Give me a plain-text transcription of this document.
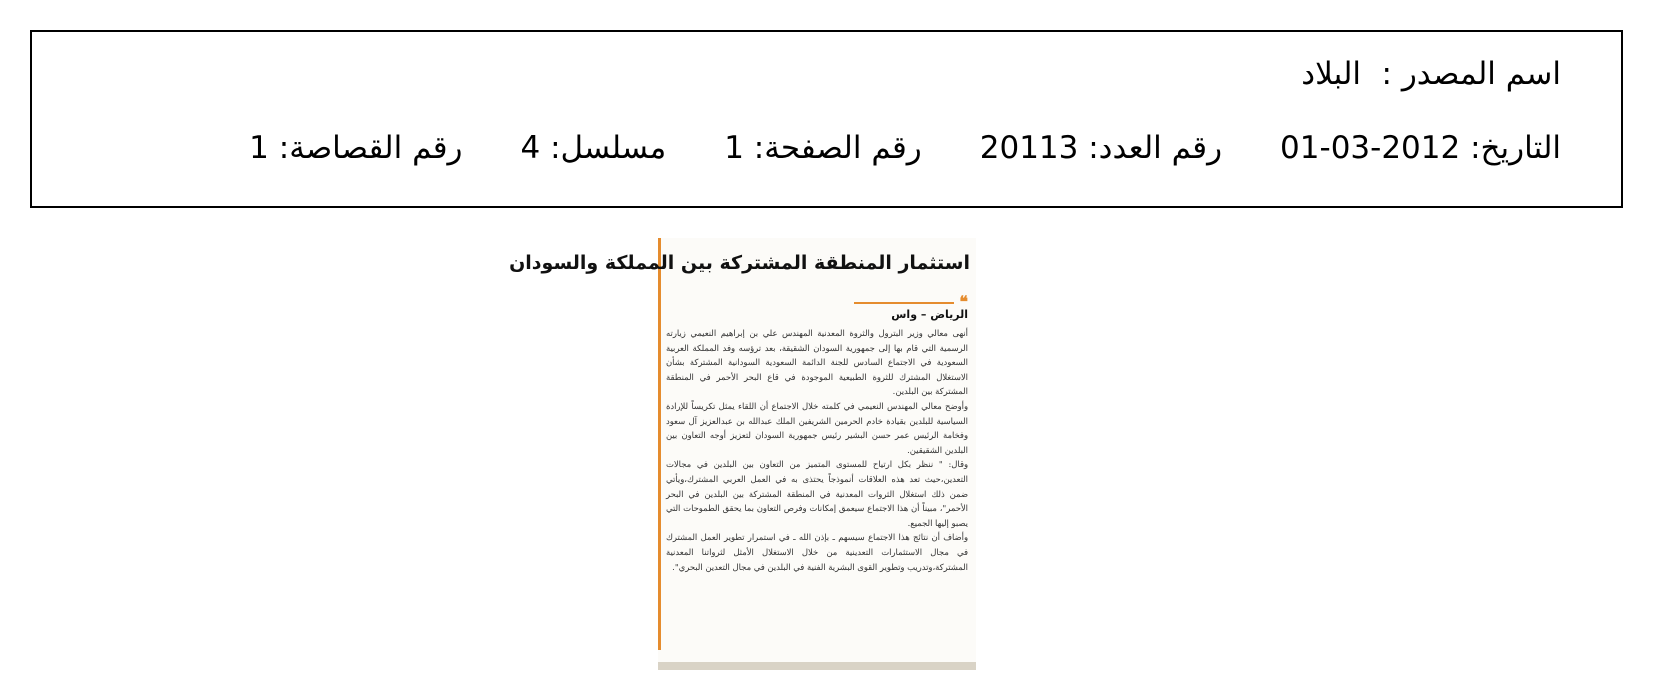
اسم المصدر :البلاد
التاريخ: 2012-03-01رقم العدد: 20113رقم الصفحة: 1مسلسل: 4رقم القصاصة: 1
استثمار المنطقة المشتركة بين المملكة والسودان
❝
الرياض – واس

أنهى معالي وزير البترول والثروة المعدنية المهندس علي بن إبراهيم النعيمي زيارته الرسمية التي قام بها إلى جمهورية السودان الشقيقة، بعد ترؤسه وفد المملكة العربية السعودية في الاجتماع السادس للجنة الدائمة السعودية السودانية المشتركة بشأن الاستغلال المشترك للثروة الطبيعية الموجودة في قاع البحر الأحمر في المنطقة المشتركة بين البلدين.

وأوضح معالي المهندس النعيمي في كلمته خلال الاجتماع أن اللقاء يمثل تكريساً للإرادة السياسية للبلدين بقيادة خادم الحرمين الشريفين الملك عبدالله بن عبدالعزيز آل سعود وفخامة الرئيس عمر حسن البشير رئيس جمهورية السودان لتعزيز أوجه التعاون بين البلدين الشقيقين.

وقال: " ننظر بكل ارتياح للمستوى المتميز من التعاون بين البلدين في مجالات التعدين،حيث تعد هذه العلاقات أنموذجاً يحتذى به في العمل العربي المشترك،ويأتي ضمن ذلك استغلال الثروات المعدنية في المنطقة المشتركة بين البلدين في البحر الأحمر"، مبيناً أن هذا الاجتماع سيعمق إمكانات وفرص التعاون بما يحقق الطموحات التي يصبو إليها الجميع.

وأضاف أن نتائج هذا الاجتماع سيسهم ـ بإذن الله ـ في استمرار تطوير العمل المشترك في مجال الاستثمارات التعدينية من خلال الاستغلال الأمثل لثرواتنا المعدنية المشتركة،وتدريب وتطوير القوى البشرية الفنية في البلدين في مجال التعدين البحري".
